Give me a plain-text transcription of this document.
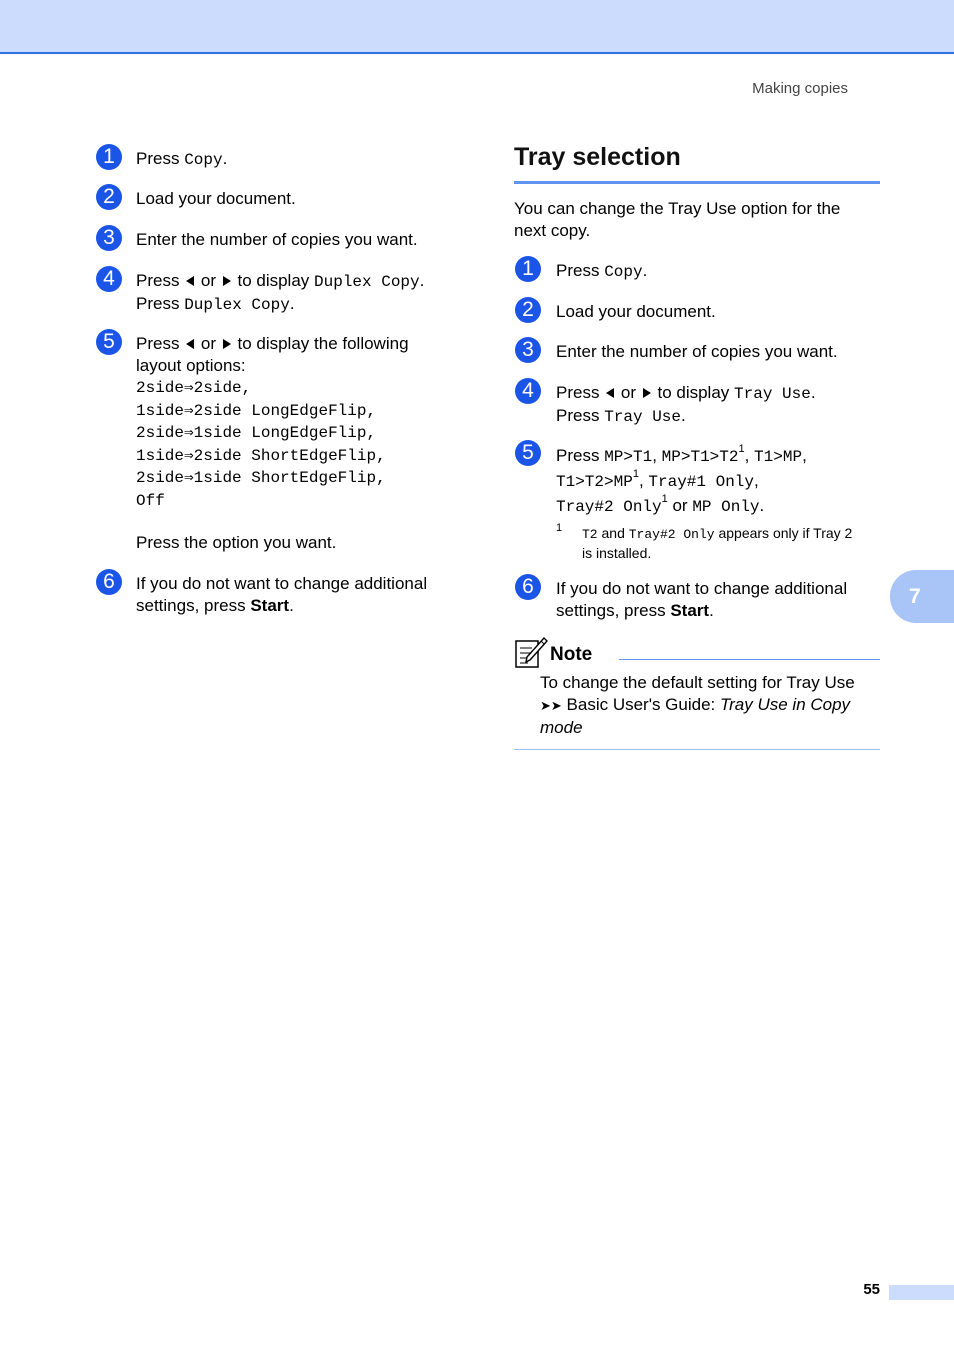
Making copies
1	Press Copy.
2	Load your document.
3	Enter the number of copies you want.
4	Press  or  to display Duplex Copy.
Press Duplex Copy.
5	Press  or  to display the following
layout options:
2side⇒2side,
1side⇒2side LongEdgeFlip,
2side⇒1side LongEdgeFlip,
1side⇒2side ShortEdgeFlip,
2side⇒1side ShortEdgeFlip,
Off
Press the option you want.
6	If you do not want to change additional
settings, press Start.
Tray selection
You can change the Tray Use option for the
next copy.
1	Press Copy.
2	Load your document.
3	Enter the number of copies you want.
4	Press  or  to display Tray Use.
Press Tray Use.
5	Press MP>T1, $MP>T1>T2^1$, T1>MP,
$T1>T2>MP^1$, Tray#1 Only,
Tray#2 Only$^1$ or MP Only.
1 T2 and Tray#2 Only appears only if Tray 2
is installed.
6	If you do not want to change additional
settings, press Start.
Note
To change the default setting for Tray Use
➤➤ Basic User's Guide: Tray Use in Copy
mode
7
55
